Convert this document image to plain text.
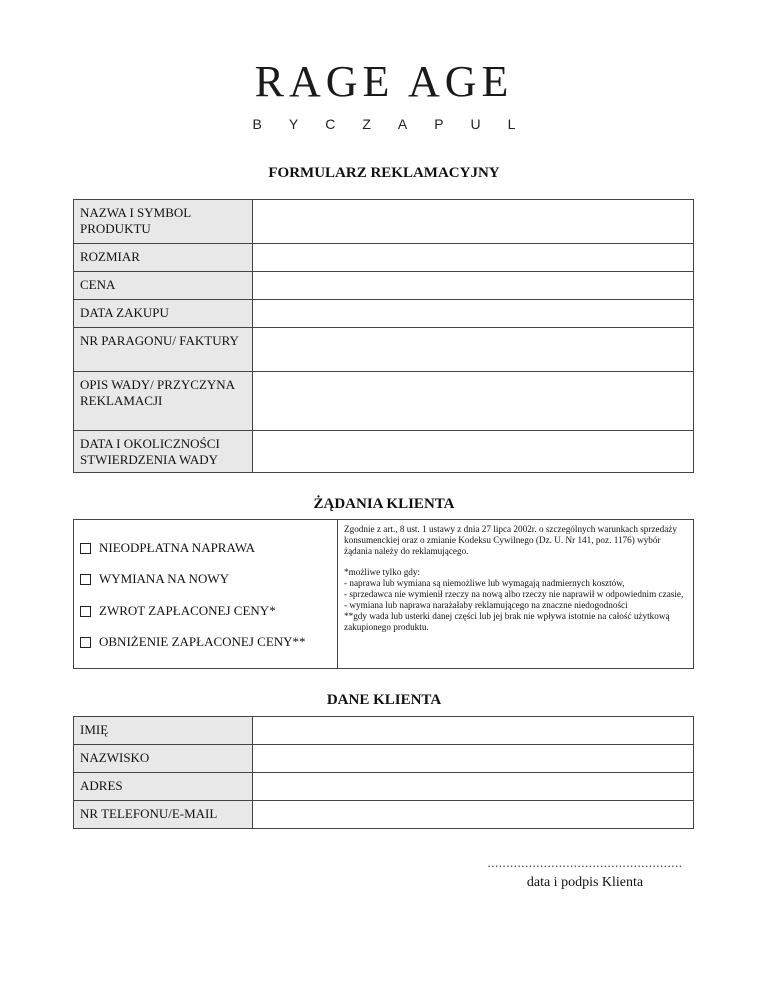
RAGE AGE
BYCZAPUL
FORMULARZ REKLAMACYJNY
NAZWA I SYMBOL PRODUKTU	
ROZMIAR	
CENA	
DATA ZAKUPU	
NR PARAGONU/ FAKTURY	
OPIS WADY/ PRZYCZYNA REKLAMACJI	
DATA I OKOLICZNOŚCI STWIERDZENIA WADY	
ŻĄDANIA KLIENTA
NIEODPŁATNA NAPRAWA
WYMIANA NA NOWY
ZWROT ZAPŁACONEJ CENY*
OBNIŻENIE ZAPŁACONEJ CENY**

Zgodnie z art., 8 ust. 1 ustawy z dnia 27 lipca 2002r. o szczególnych warunkach sprzedaży konsumenckiej oraz o zmianie Kodeksu Cywilnego (Dz. U. Nr 141, poz. 1176) wybór żądania należy do reklamującego.

*możliwe tylko gdy:

- naprawa lub wymiana są niemożliwe lub wymagają nadmiernych kosztów,

- sprzedawca nie wymienił rzeczy na nową albo rzeczy nie naprawił w odpowiednim czasie,

- wymiana lub naprawa narażałaby reklamującego na znaczne niedogodności

**gdy wada lub usterki danej części lub jej brak nie wpływa istotnie na całość użytkową zakupionego produktu.

DANE KLIENTA
IMIĘ	
NAZWISKO	
ADRES	
NR TELEFONU/E-MAIL	
....................................................
data i podpis Klienta
